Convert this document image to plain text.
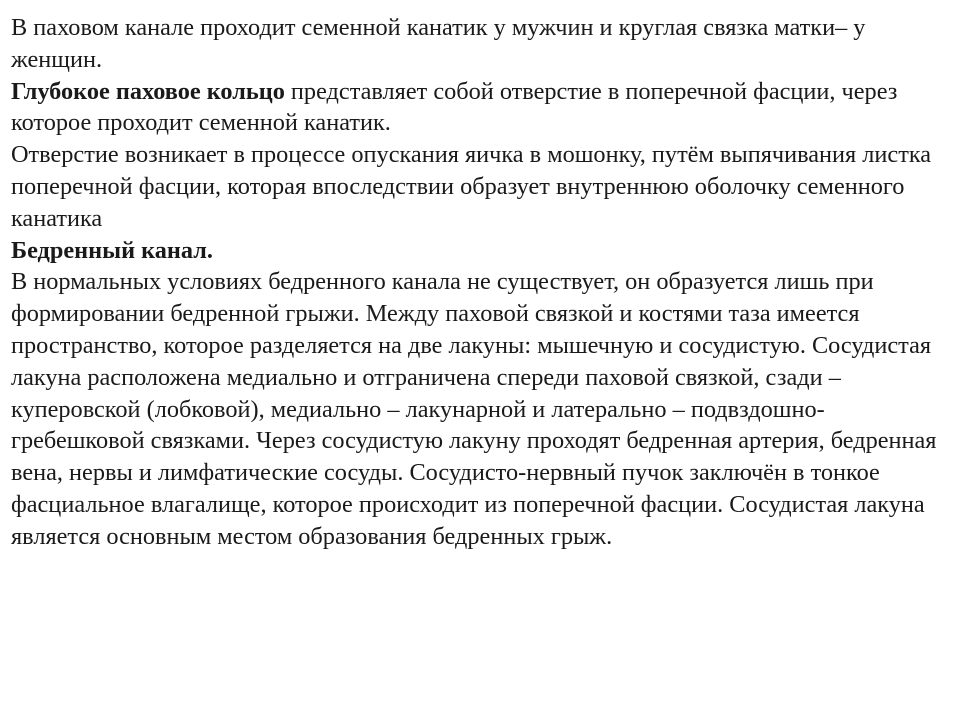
В паховом канале проходит семенной канатик у мужчин и круглая связка матки– у женщин.

Глубокое паховое кольцо представляет собой отверстие в поперечной фасции, через которое проходит семенной канатик.

Отверстие возникает в процессе опускания яичка в мошонку, путём выпячивания листка поперечной фасции, которая впоследствии образует внутреннюю оболочку семенного канатика

Бедренный канал.

В нормальных условиях бедренного канала не существует, он образуется лишь при формировании бедренной грыжи. Между паховой связкой и костями таза имеется пространство, которое разделяется на две лакуны: мышечную и сосудистую. Сосудистая лакуна расположена медиально и отграничена спереди паховой связкой, сзади – куперовской (лобковой), медиально – лакунарной и латерально – подвздошно-гребешковой связками. Через сосудистую лакуну проходят бедренная артерия, бедренная вена, нервы и лимфатические сосуды. Сосудисто-нервный пучок заключён в тонкое фасциальное влагалище, которое происходит из поперечной фасции. Сосудистая лакуна является основным местом образования бедренных грыж.
